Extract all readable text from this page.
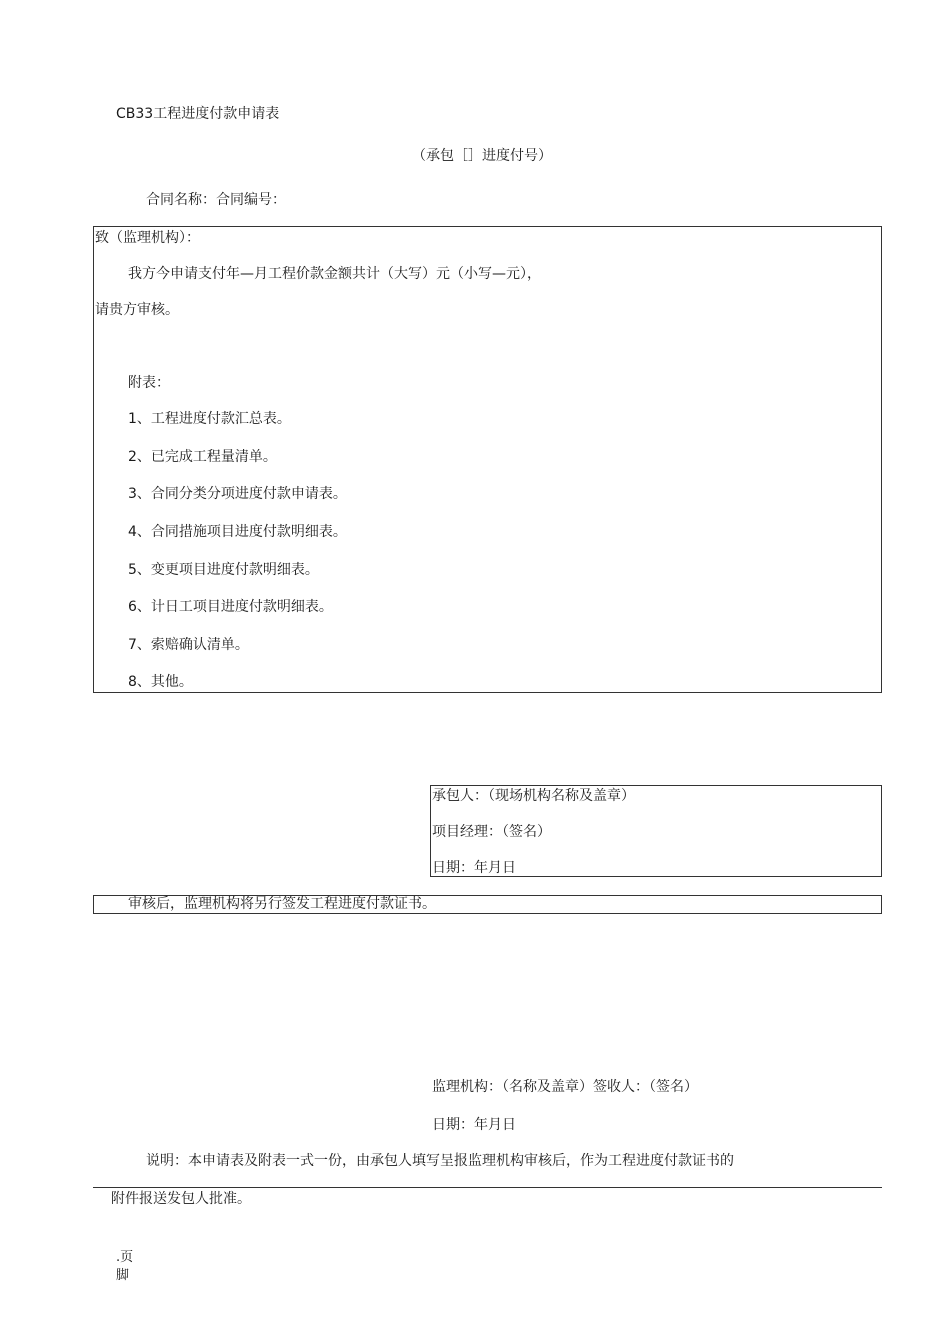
CB33工程进度付款申请表
（承包［］进度付号）
合同名称：合同编号：
致（监理机构）：
我方今申请支付年—月工程价款金额共计（大写）元（小写—元），
请贵方审核。
附表：
1、工程进度付款汇总表。
2、已完成工程量清单。
3、合同分类分项进度付款申请表。
4、合同措施项目进度付款明细表。
5、变更项目进度付款明细表。
6、计日工项目进度付款明细表。
7、索赔确认清单。
8、其他。
承包人：（现场机构名称及盖章）
项目经理：（签名）
日期：年月日
审核后，监理机构将另行签发工程进度付款证书。
监理机构：（名称及盖章）签收人：（签名）
日期：年月日
说明：本申请表及附表一式一份，由承包人填写呈报监理机构审核后，作为工程进度付款证书的
附件报送发包人批准。
.页
脚
